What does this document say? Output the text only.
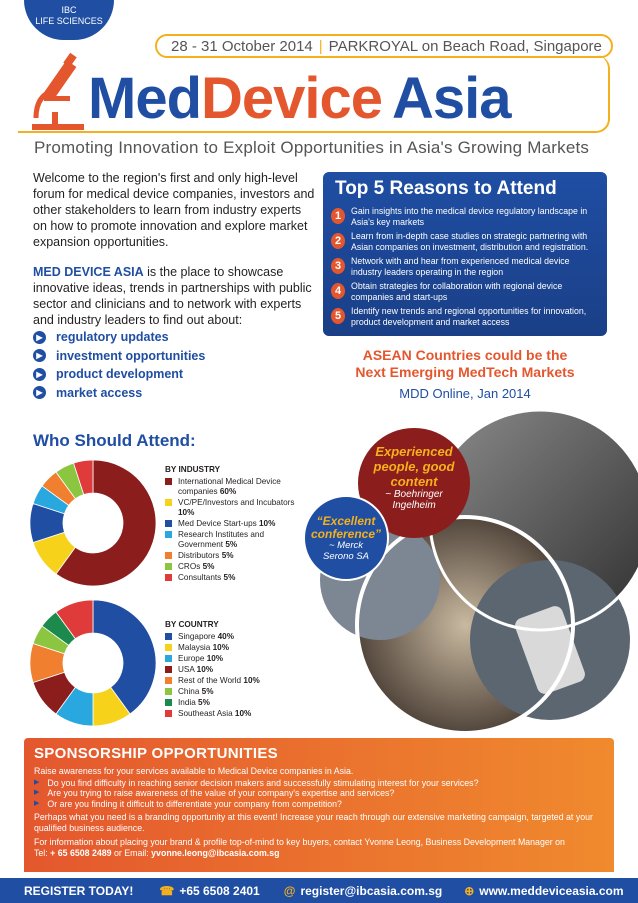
IBC
LIFE SCIENCES
28 - 31 October 2014 | PARKROYAL on Beach Road, Singapore
MedDevice Asia
Promoting Innovation to Exploit Opportunities in Asia's Growing Markets

Welcome to the region's first and only high-level forum for medical device companies, investors and other stakeholders to learn from industry experts on how to promote innovation and explore market expansion opportunities.

MED DEVICE ASIA is the place to showcase innovative ideas, trends in partnerships with public sector and clinicians and to network with experts and industry leaders to find out about:

▶ regulatory updates
▶ investment opportunities
▶ product development
▶ market access
Top 5 Reasons to Attend
1	Gain insights into the medical device regulatory landscape in Asia's key markets
2	Learn from in-depth case studies on strategic partnering with Asian companies on investment, distribution and registration.
3	Network with and hear from experienced medical device industry leaders operating in the region
4	Obtain strategies for collaboration with regional device companies and start-ups
5	Identify new trends and regional opportunities for innovation, product development and market access
ASEAN Countries could be the
Next Emerging MedTech Markets
MDD Online, Jan 2014
Who Should Attend:
BY INDUSTRY
International Medical Device companies 60%
VC/PE/Investors and Incubators 10%
Med Device Start-ups 10%
Research Institutes and Government 5%
Distributors 5%
CROs 5%
Consultants 5%
BY COUNTRY
Singapore 40%
Malaysia 10%
Europe 10%
USA 10%
Rest of the World 10%
China 5%
India 5%
Southeast Asia 10%
Experienced
people, good
content
~ Boehringer
Ingelheim
“Excellent
conference”
~ Merck
Serono SA
SPONSORSHIP OPPORTUNITIES

Raise awareness for your services available to Medical Device companies in Asia.

▶ Do you find difficulty in reaching senior decision makers and successfully stimulating interest for your services?
▶ Are you trying to raise awareness of the value of your company's expertise and services?
▶ Or are you finding it difficult to differentiate your company from competition?

Perhaps what you need is a branding opportunity at this event! Increase your reach through our extensive marketing campaign, targeted at your qualified business audience.

For information about placing your brand & profile top-of-mind to key buyers, contact Yvonne Leong, Business Development Manager on
Tel: + 65 6508 2489 or Email: yvonne.leong@ibcasia.com.sg

REGISTER TODAY! ☎ +65 6508 2401 @ register@ibcasia.com.sg ⊕ www.meddeviceasia.com
